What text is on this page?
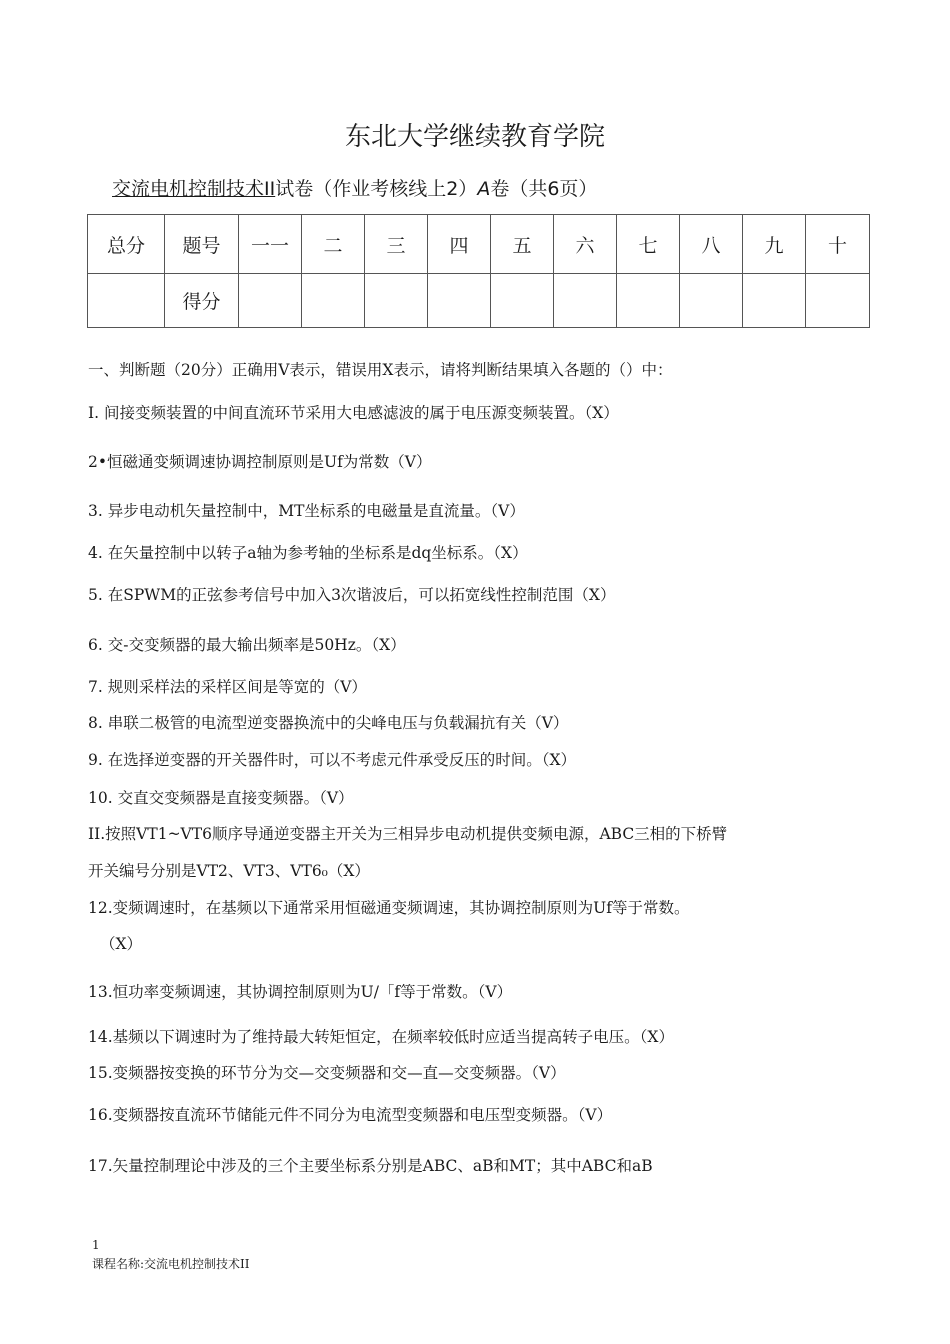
东北大学继续教育学院
交流电机控制技术II试卷（作业考核线上2）A卷（共6页）
总分	题号	一一	二	三	四	五	六	七	八	九	十
	得分										
一、判断题（20分）正确用V表示，错误用X表示，请将判断结果填入各题的（）中：
I. 间接变频装置的中间直流环节采用大电感滤波的属于电压源变频装置。（X）
2•恒磁通变频调速协调控制原则是Uf为常数（V）
3. 异步电动机矢量控制中，MT坐标系的电磁量是直流量。（V）
4. 在矢量控制中以转子a轴为参考轴的坐标系是dq坐标系。（X）
5. 在SPWM的正弦参考信号中加入3次谐波后，可以拓宽线性控制范围（X）
6. 交-交变频器的最大输出频率是50Hz。（X）
7. 规则采样法的采样区间是等宽的（V）
8. 串联二极管的电流型逆变器换流中的尖峰电压与负载漏抗有关（V）
9. 在选择逆变器的开关器件时，可以不考虑元件承受反压的时间。（X）
10. 交直交变频器是直接变频器。（V）
II.按照VT1~VT6顺序导通逆变器主开关为三相异步电动机提供变频电源，ABC三相的下桥臂
开关编号分别是VT2、VT3、VT6₀（X）
12.变频调速时，在基频以下通常采用恒磁通变频调速，其协调控制原则为Uf等于常数。
（X）
13.恒功率变频调速，其协调控制原则为U/「f等于常数。（V）
14.基频以下调速时为了维持最大转矩恒定，在频率较低时应适当提高转子电压。（X）
15.变频器按变换的环节分为交—交变频器和交—直—交变频器。（V）
16.变频器按直流环节储能元件不同分为电流型变频器和电压型变频器。（V）
17.矢量控制理论中涉及的三个主要坐标系分别是ABC、aB和MT；其中ABC和aB
1
课程名称:交流电机控制技术II
